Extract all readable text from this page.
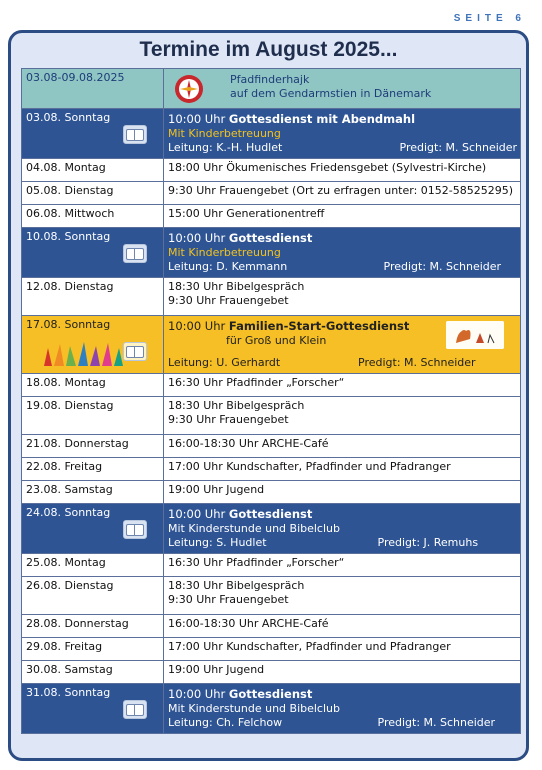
SEITE 6
Termine im August 2025...
03.08-09.08.2025	Pfadfinderhajk
auf dem Gendarmstien in Dänemark

03.08. Sonntag	10:00 Uhr Gottesdienst mit Abendmahl
Mit Kinderbetreuung
Leitung: K.-H. Hudlet Predigt: M. Schneider

04.08. Montag	18:00 Uhr Ökumenisches Friedensgebet (Sylvestri-Kirche)
05.08. Dienstag	9:30 Uhr Frauengebet (Ort zu erfragen unter: 0152-58525295)
06.08. Mittwoch	15:00 Uhr Generationentreff

10.08. Sonntag	10:00 Uhr Gottesdienst
Mit Kinderbetreuung
Leitung: D. Kemmann Predigt: M. Schneider

12.08. Dienstag	18:30 Uhr Bibelgespräch
9:30 Uhr Frauengebet

17.08. Sonntag	10:00 Uhr Familien-Start-Gottesdienst
für Groß und Klein
Leitung: U. Gerhardt Predigt: M. Schneider

18.08. Montag	16:30 Uhr Pfadfinder „Forscher“
19.08. Dienstag	18:30 Uhr Bibelgespräch
9:30 Uhr Frauengebet

21.08. Donnerstag	16:00-18:30 Uhr ARCHE-Café
22.08. Freitag	17:00 Uhr Kundschafter, Pfadfinder und Pfadranger
23.08. Samstag	19:00 Uhr Jugend

24.08. Sonntag	10:00 Uhr Gottesdienst
Mit Kinderstunde und Bibelclub
Leitung: S. Hudlet Predigt: J. Remuhs

25.08. Montag	16:30 Uhr Pfadfinder „Forscher“
26.08. Dienstag	18:30 Uhr Bibelgespräch
9:30 Uhr Frauengebet

28.08. Donnerstag	16:00-18:30 Uhr ARCHE-Café
29.08. Freitag	17:00 Uhr Kundschafter, Pfadfinder und Pfadranger
30.08. Samstag	19:00 Uhr Jugend

31.08. Sonntag	10:00 Uhr Gottesdienst
Mit Kinderstunde und Bibelclub
Leitung: Ch. Felchow Predigt: M. Schneider
